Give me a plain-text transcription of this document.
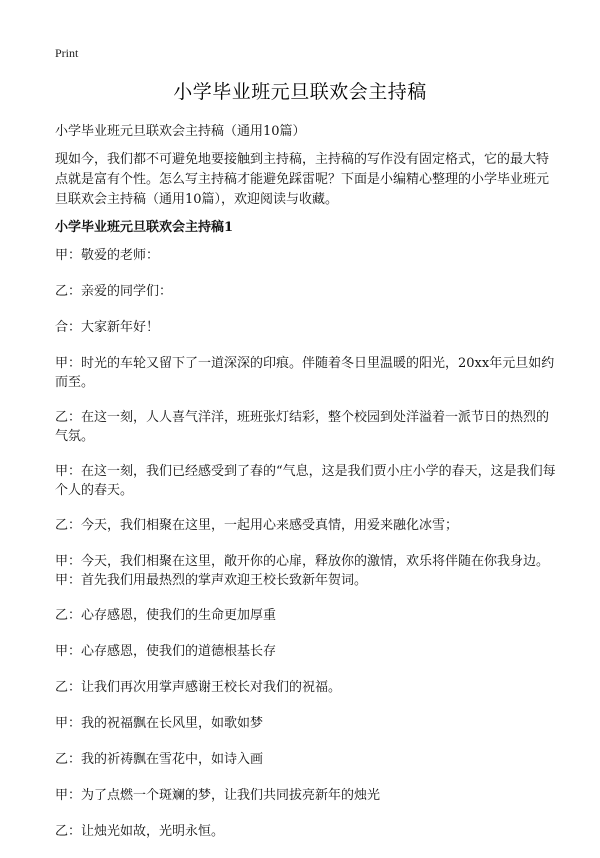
Print
小学毕业班元旦联欢会主持稿

小学毕业班元旦联欢会主持稿（通用10篇）

现如今，我们都不可避免地要接触到主持稿，主持稿的写作没有固定格式，它的最大特点就是富有个性。怎么写主持稿才能避免踩雷呢？下面是小编精心整理的小学毕业班元旦联欢会主持稿（通用10篇），欢迎阅读与收藏。

小学毕业班元旦联欢会主持稿1

甲：敬爱的老师：
乙：亲爱的同学们：
合：大家新年好！
甲：时光的车轮又留下了一道深深的印痕。伴随着冬日里温暖的阳光，20xx年元旦如约而至。
乙：在这一刻，人人喜气洋洋，班班张灯结彩，整个校园到处洋溢着一派节日的热烈的气氛。
甲：在这一刻，我们已经感受到了春的“气息，这是我们贾小庄小学的春天，这是我们每个人的春天。
乙：今天，我们相聚在这里，一起用心来感受真情，用爱来融化冰雪；
甲：今天，我们相聚在这里，敞开你的心扉，释放你的激情，欢乐将伴随在你我身边。 甲：首先我们用最热烈的掌声欢迎王校长致新年贺词。
乙：心存感恩，使我们的生命更加厚重
甲：心存感恩，使我们的道德根基长存
乙：让我们再次用掌声感谢王校长对我们的祝福。
甲：我的祝福飘在长风里，如歌如梦
乙：我的祈祷飘在雪花中，如诗入画
甲：为了点燃一个斑斓的梦，让我们共同拔亮新年的烛光
乙：让烛光如故，光明永恒。
